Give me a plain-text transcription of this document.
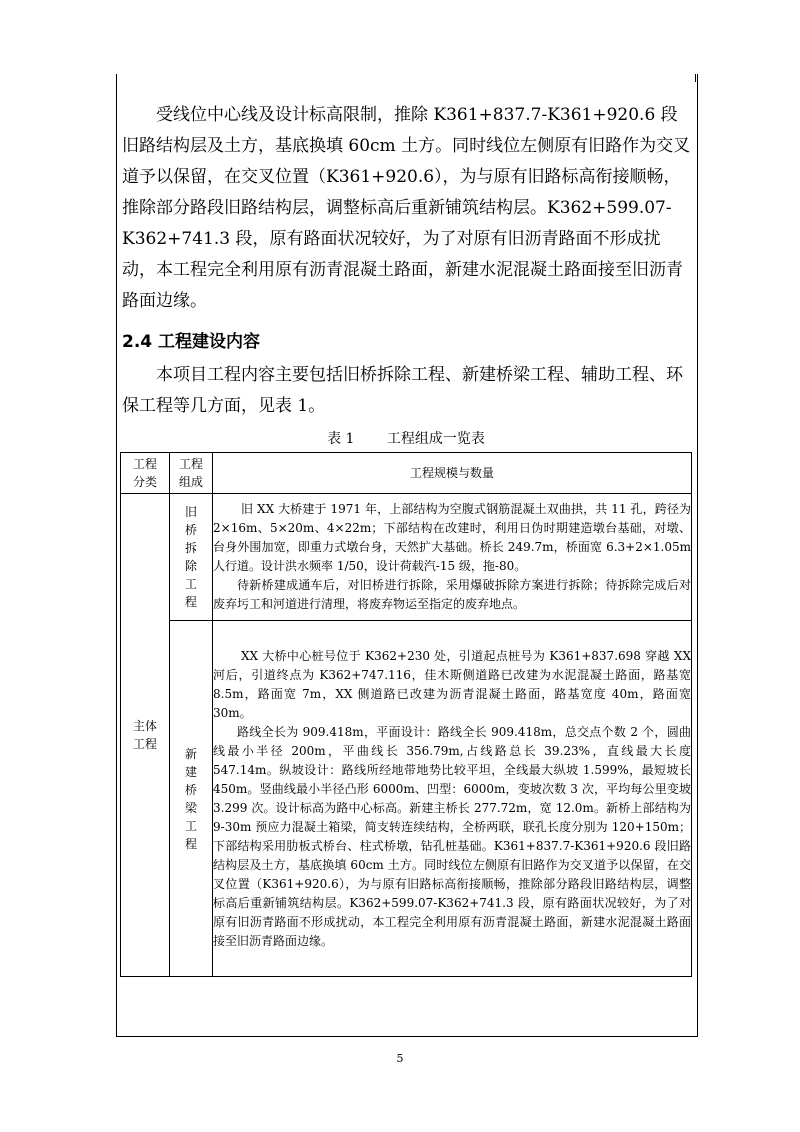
受线位中心线及设计标高限制，推除 K361+837.7-K361+920.6 段旧路结构层及土方，基底换填 60cm 土方。同时线位左侧原有旧路作为交叉道予以保留，在交叉位置（K361+920.6），为与原有旧路标高衔接顺畅，推除部分路段旧路结构层，调整标高后重新铺筑结构层。K362+599.07-K362+741.3 段，原有路面状况较好，为了对原有旧沥青路面不形成扰动，本工程完全利用原有沥青混凝土路面，新建水泥混凝土路面接至旧沥青路面边缘。

2.4 工程建设内容

本项目工程内容主要包括旧桥拆除工程、新建桥梁工程、辅助工程、环保工程等几方面，见表 1。

表 1 工程组成一览表
工程分类	工程组成	工程规模与数量

主体工程	旧桥拆除工程	旧 XX 大桥建于 1971 年，上部结构为空腹式钢筋混凝土双曲拱，共 11 孔，跨径为 2×16m、5×20m、4×22m；下部结构在改建时，利用日伪时期建造墩台基础，对墩、台身外围加宽，即重力式墩台身，天然扩大基础。桥长 249.7m，桥面宽 6.3+2×1.05m 人行道。设计洪水频率 1/50，设计荷载汽-15 级，拖-80。

待新桥建成通车后，对旧桥进行拆除，采用爆破拆除方案进行拆除；待拆除完成后对废弃圬工和河道进行清理，将废弃物运至指定的废弃地点。

	新建桥梁工程	XX 大桥中心桩号位于 K362+230 处，引道起点桩号为 K361+837.698 穿越 XX 河后，引道终点为 K362+747.116，佳木斯侧道路已改建为水泥混凝土路面，路基宽 8.5m，路面宽 7m，XX 侧道路已改建为沥青混凝土路面，路基宽度 40m，路面宽 30m。

路线全长为 909.418m，平面设计：路线全长 909.418m，总交点个数 2 个，圆曲线最小半径 200m，平曲线长 356.79m,占线路总长 39.23%，直线最大长度 547.14m。纵坡设计：路线所经地带地势比较平坦，全线最大纵坡 1.599%，最短坡长 450m。竖曲线最小半径凸形 6000m、凹型：6000m，变坡次数 3 次，平均每公里变坡 3.299 次。设计标高为路中心标高。新建主桥长 277.72m，宽 12.0m。新桥上部结构为 9-30m 预应力混凝土箱梁，简支转连续结构，全桥两联，联孔长度分别为 120+150m；下部结构采用肋板式桥台、柱式桥墩，钻孔桩基础。K361+837.7-K361+920.6 段旧路结构层及土方，基底换填 60cm 土方。同时线位左侧原有旧路作为交叉道予以保留，在交叉位置（K361+920.6），为与原有旧路标高衔接顺畅，推除部分路段旧路结构层，调整标高后重新铺筑结构层。K362+599.07-K362+741.3 段，原有路面状况较好，为了对原有旧沥青路面不形成扰动，本工程完全利用原有沥青混凝土路面，新建水泥混凝土路面接至旧沥青路面边缘。

5
